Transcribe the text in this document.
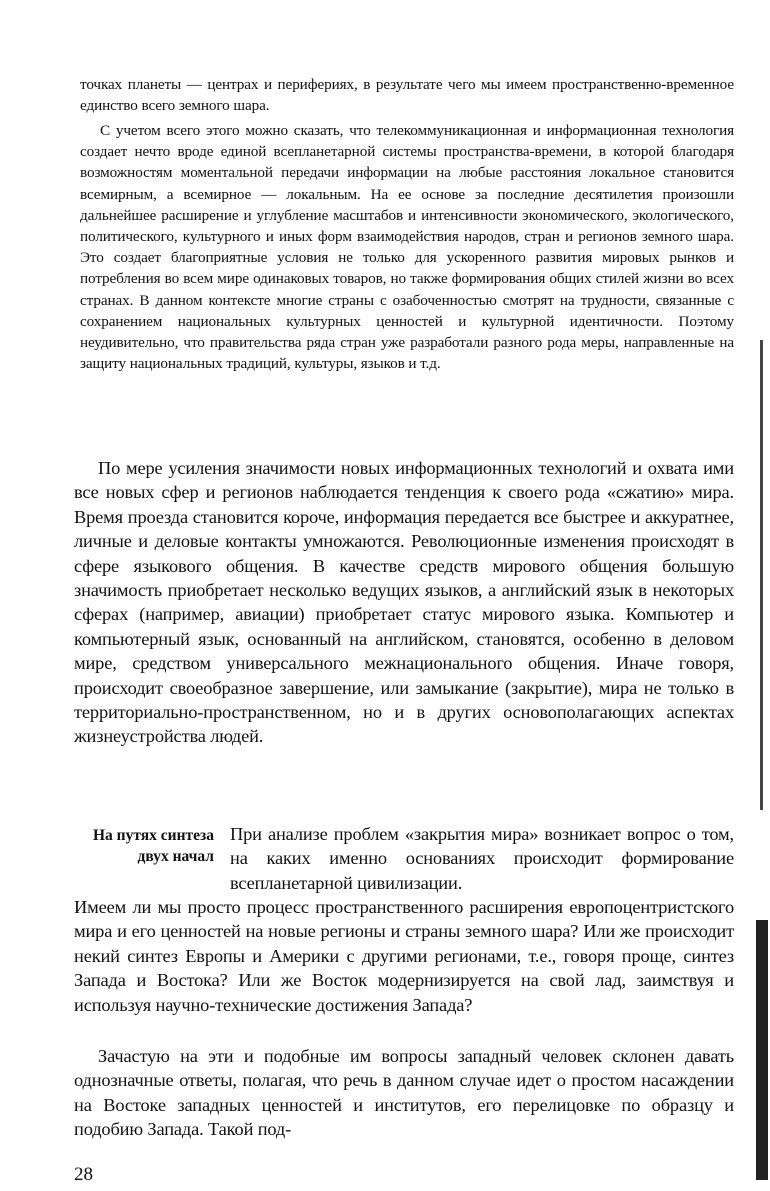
точках планеты — центрах и перифериях, в результате чего мы имеем пространственно-временное единство всего земного шара.

С учетом всего этого можно сказать, что телекоммуникационная и информационная технология создает нечто вроде единой всепланетарной системы пространства-времени, в которой благодаря возможностям моментальной передачи информации на любые расстояния локальное становится всемирным, а всемирное — локальным. На ее основе за последние десятилетия произошли дальнейшее расширение и углубление масштабов и интенсивности экономического, экологического, политического, культурного и иных форм взаимодействия народов, стран и регионов земного шара. Это создает благоприятные условия не только для ускоренного развития мировых рынков и потребления во всем мире одинаковых товаров, но также формирования общих стилей жизни во всех странах. В данном контексте многие страны с озабоченностью смотрят на трудности, связанные с сохранением национальных культурных ценностей и культурной идентичности. Поэтому неудивительно, что правительства ряда стран уже разработали разного рода меры, направленные на защиту национальных традиций, культуры, языков и т.д.

По мере усиления значимости новых информационных технологий и охвата ими все новых сфер и регионов наблюдается тенденция к своего рода «сжатию» мира. Время проезда становится короче, информация передается все быстрее и аккуратнее, личные и деловые контакты умножаются. Революционные изменения происходят в сфере языкового общения. В качестве средств мирового общения большую значимость приобретает несколько ведущих языков, а английский язык в некоторых сферах (например, авиации) приобретает статус мирового языка. Компьютер и компьютерный язык, основанный на английском, становятся, особенно в деловом мире, средством универсального межнационального общения. Иначе говоря, происходит своеобразное завершение, или замыкание (закрытие), мира не только в территориально-пространственном, но и в других основополагающих аспектах жизнеустройства людей.

На путях синтеза двух начал

При анализе проблем «закрытия мира» возникает вопрос о том, на каких именно основаниях происходит формирование всепланетарной цивилизации.

Имеем ли мы просто процесс пространственного расширения европоцентристского мира и его ценностей на новые регионы и страны земного шара? Или же происходит некий синтез Европы и Америки с другими регионами, т.е., говоря проще, синтез Запада и Востока? Или же Восток модернизируется на свой лад, заимствуя и используя научно-технические достижения Запада?

Зачастую на эти и подобные им вопросы западный человек склонен давать однозначные ответы, полагая, что речь в данном случае идет о простом насаждении на Востоке западных ценностей и институтов, его перелицовке по образцу и подобию Запада. Такой под-

28
